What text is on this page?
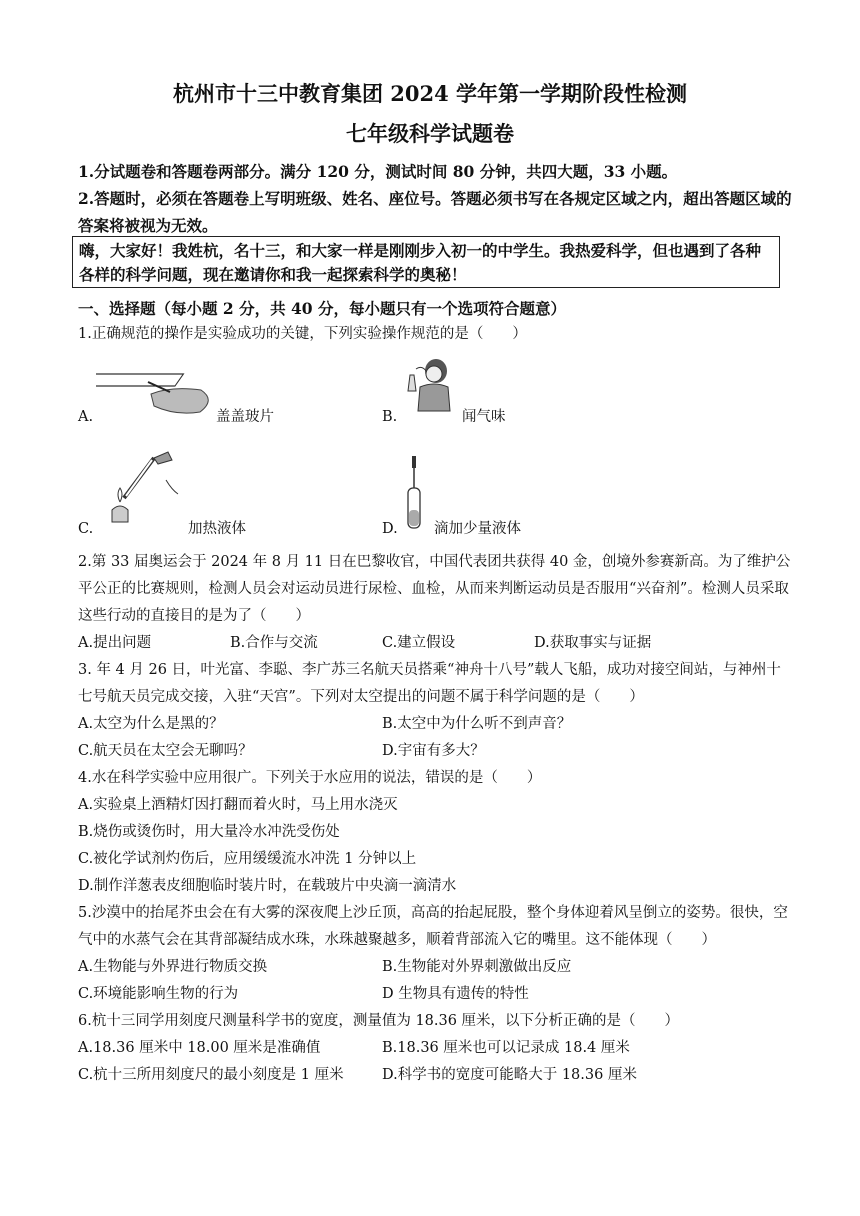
杭州市十三中教育集团 2024 学年第一学期阶段性检测
七年级科学试题卷
1.分试题卷和答题卷两部分。满分 120 分，测试时间 80 分钟，共四大题，33 小题。
2.答题时，必须在答题卷上写明班级、姓名、座位号。答题必须书写在各规定区域之内，超出答题区域的答案将被视为无效。
嗨，大家好！我姓杭，名十三，和大家一样是刚刚步入初一的中学生。我热爱科学，但也遇到了各种各样的科学问题，现在邀请你和我一起探索科学的奥秘！
一、选择题（每小题 2 分，共 40 分，每小题只有一个选项符合题意）
1.正确规范的操作是实验成功的关键，下列实验操作规范的是（　　）
A.	盖盖玻片	B.	闻气味
C.	加热液体	D.	滴加少量液体
2.第 33 届奥运会于 2024 年 8 月 11 日在巴黎收官，中国代表团共获得 40 金，创境外参赛新高。为了维护公平公正的比赛规则，检测人员会对运动员进行尿检、血检，从而来判断运动员是否服用“兴奋剂”。检测人员采取这些行动的直接目的是为了（　　）
A.提出问题	B.合作与交流	C.建立假设	D.获取事实与证据
3. 年 4 月 26 日，叶光富、李聪、李广苏三名航天员搭乘“神舟十八号”载人飞船，成功对接空间站，与神州十七号航天员完成交接，入驻“天宫”。下列对太空提出的问题不属于科学问题的是（　　）
A.太空为什么是黑的？	B.太空中为什么听不到声音？
C.航天员在太空会无聊吗？	D.宇宙有多大？
4.水在科学实验中应用很广。下列关于水应用的说法，错误的是（　　）
A.实验桌上酒精灯因打翻而着火时，马上用水浇灭
B.烧伤或烫伤时，用大量冷水冲洗受伤处
C.被化学试剂灼伤后，应用缓缓流水冲洗 1 分钟以上
D.制作洋葱表皮细胞临时装片时，在载玻片中央滴一滴清水
5.沙漠中的抬尾芥虫会在有大雾的深夜爬上沙丘顶，高高的抬起屁股，整个身体迎着风呈倒立的姿势。很快，空气中的水蒸气会在其背部凝结成水珠，水珠越聚越多，顺着背部流入它的嘴里。这不能体现（　　）
A.生物能与外界进行物质交换	B.生物能对外界刺激做出反应
C.环境能影响生物的行为	D 生物具有遗传的特性
6.杭十三同学用刻度尺测量科学书的宽度，测量值为 18.36 厘米，以下分析正确的是（　　）
A.18.36 厘米中 18.00 厘米是准确值	B.18.36 厘米也可以记录成 18.4 厘米
C.杭十三所用刻度尺的最小刻度是 1 厘米	D.科学书的宽度可能略大于 18.36 厘米
